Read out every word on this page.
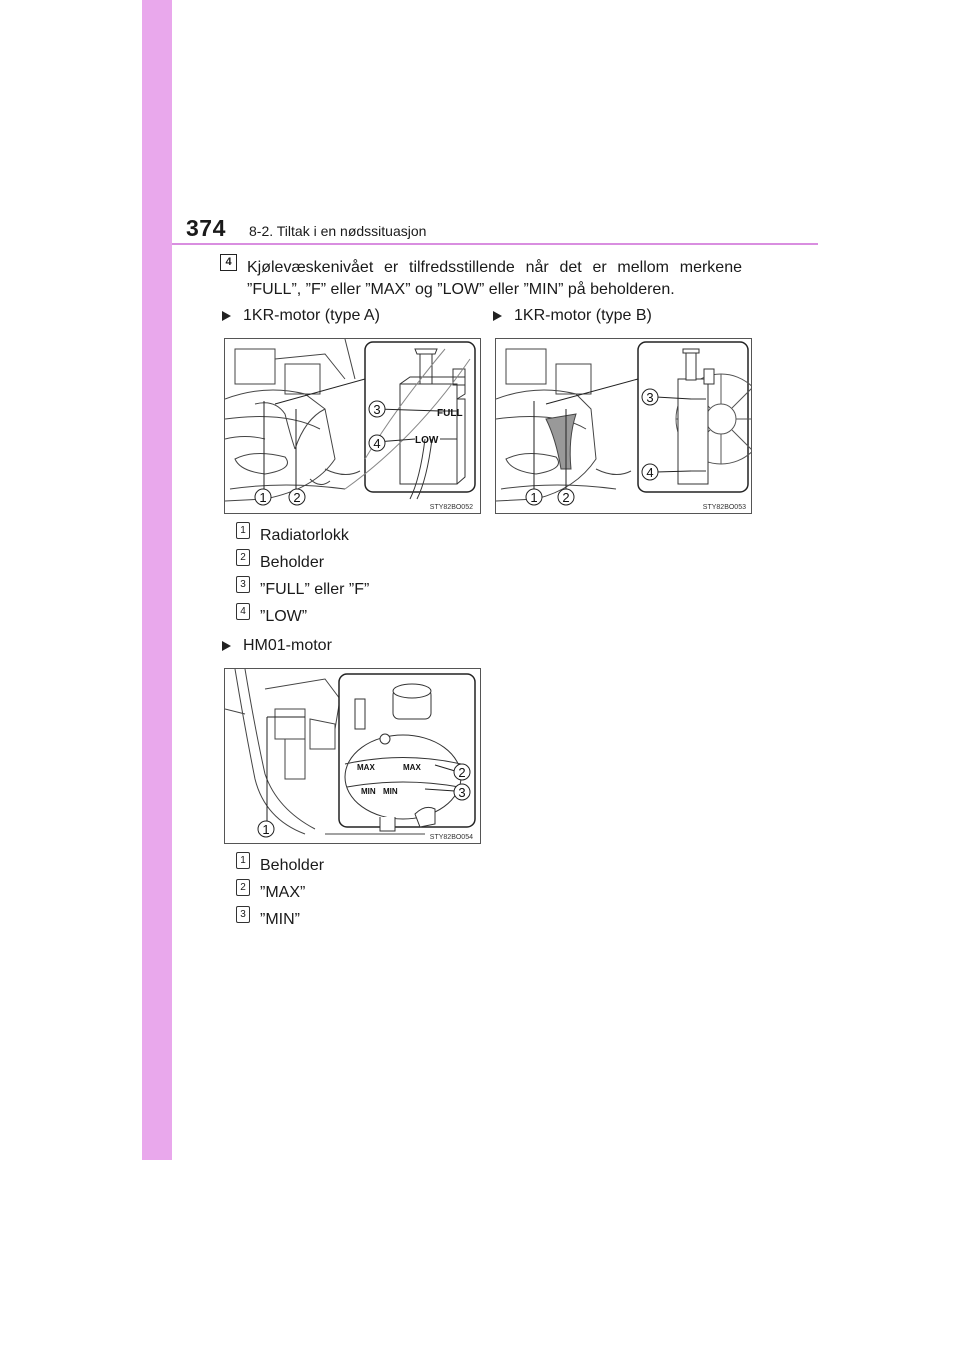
374 8-2. Tiltak i en nødssituasjon
4 Kjølevæskenivået er tilfredsstillende når det er mellom merkene ”FULL”, ”F” eller ”MAX” og ”LOW” eller ”MIN” på beholderen.
1KR-motor (type A)	1KR-motor (type B)
FULL
LOW
3
4
1 2
STY82BO052
3
4
1 2
STY82BO053
1 Radiatorlokk
2 Beholder
3 ”FULL” eller ”F”
4 ”LOW”
HM01-motor
MAX	MAX
MIN MIN
2
3
1
STY82BO054
1 Beholder
2 ”MAX”
3 ”MIN”
